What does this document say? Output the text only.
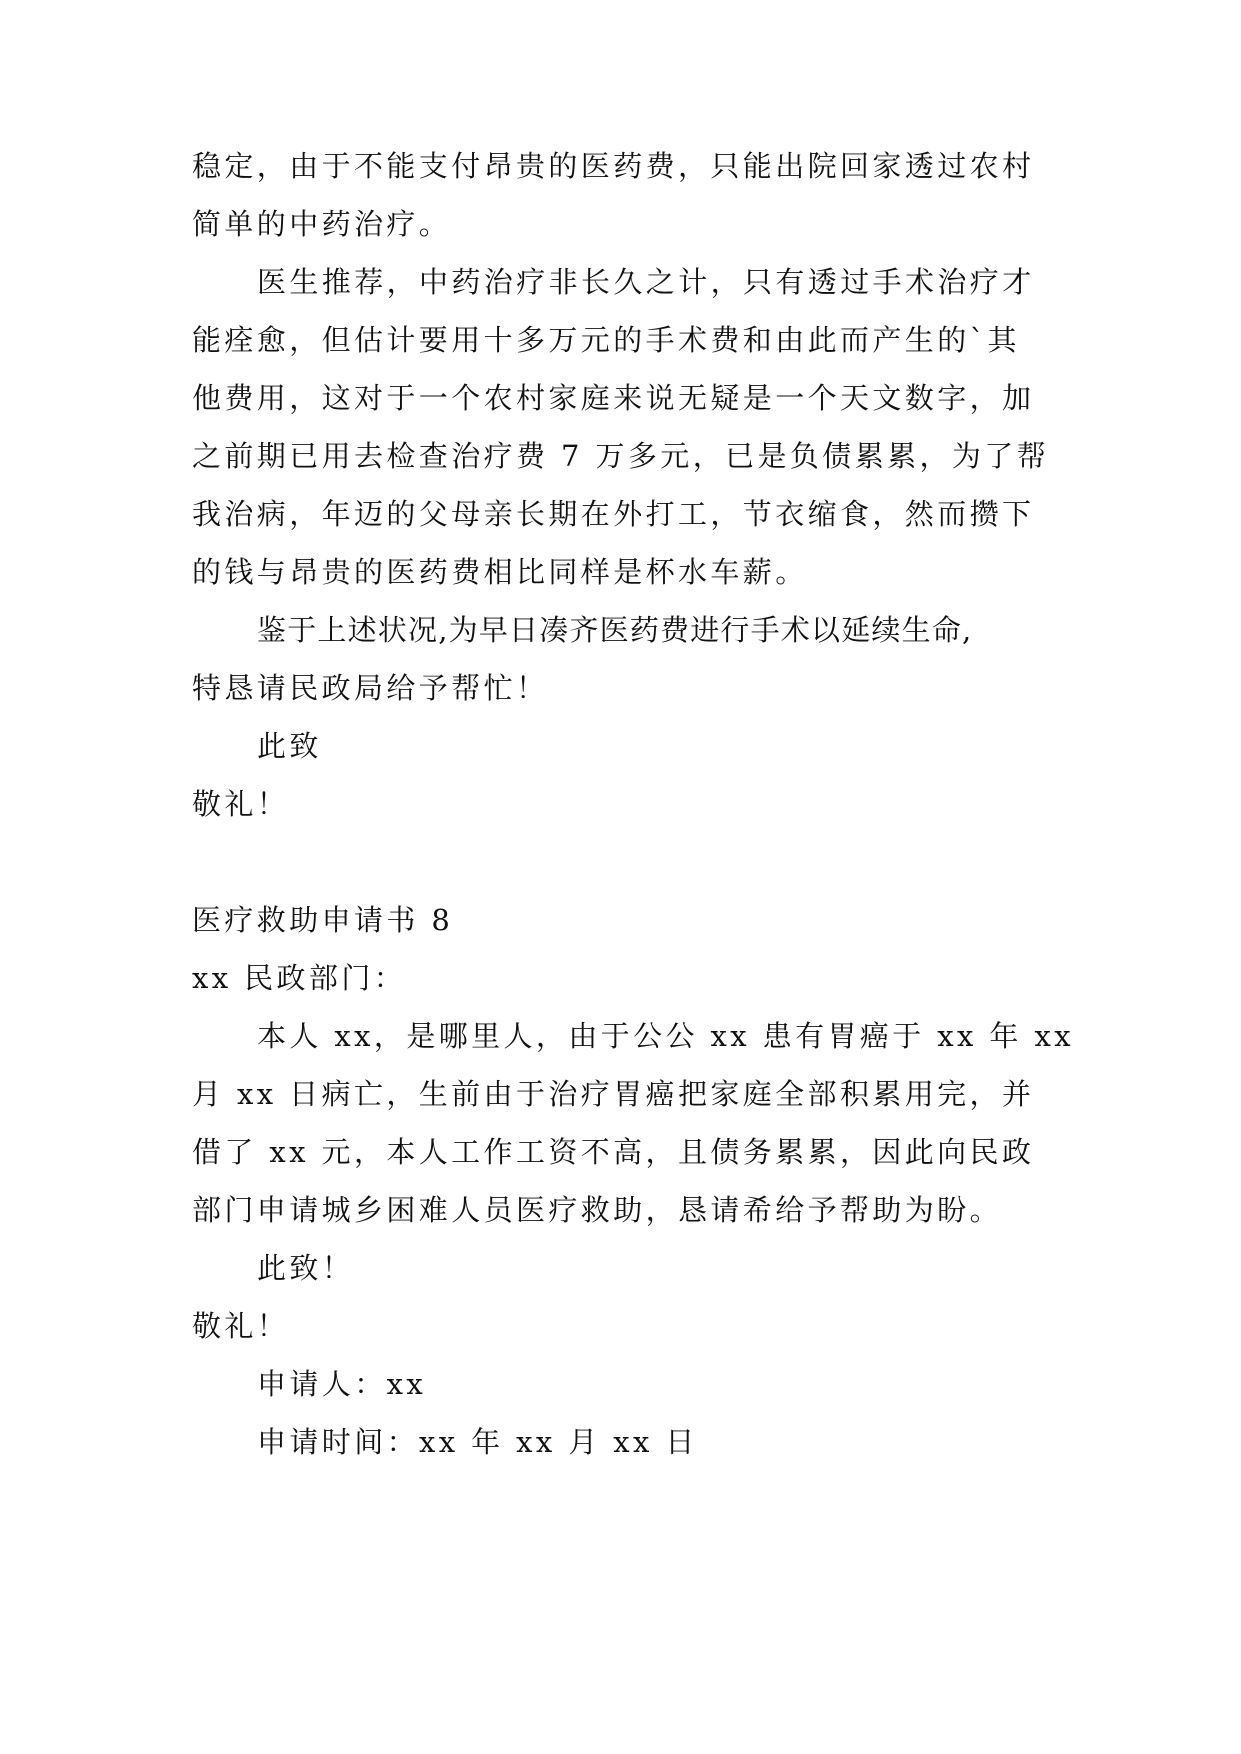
稳定，由于不能支付昂贵的医药费，只能出院回家透过农村
简单的中药治疗。
医生推荐，中药治疗非长久之计，只有透过手术治疗才
能痊愈，但估计要用十多万元的手术费和由此而产生的`其
他费用，这对于一个农村家庭来说无疑是一个天文数字，加
之前期已用去检查治疗费 7 万多元，已是负债累累，为了帮
我治病，年迈的父母亲长期在外打工，节衣缩食，然而攒下
的钱与昂贵的医药费相比同样是杯水车薪。
鉴于上述状况,为早日凑齐医药费进行手术以延续生命,
特恳请民政局给予帮忙！
此致
敬礼！
医疗救助申请书 8
xx 民政部门：
本人 xx，是哪里人，由于公公 xx 患有胃癌于 xx 年 xx
月 xx 日病亡，生前由于治疗胃癌把家庭全部积累用完，并
借了 xx 元，本人工作工资不高，且债务累累，因此向民政
部门申请城乡困难人员医疗救助，恳请希给予帮助为盼。
此致！
敬礼！
申请人：xx
申请时间：xx 年 xx 月 xx 日
